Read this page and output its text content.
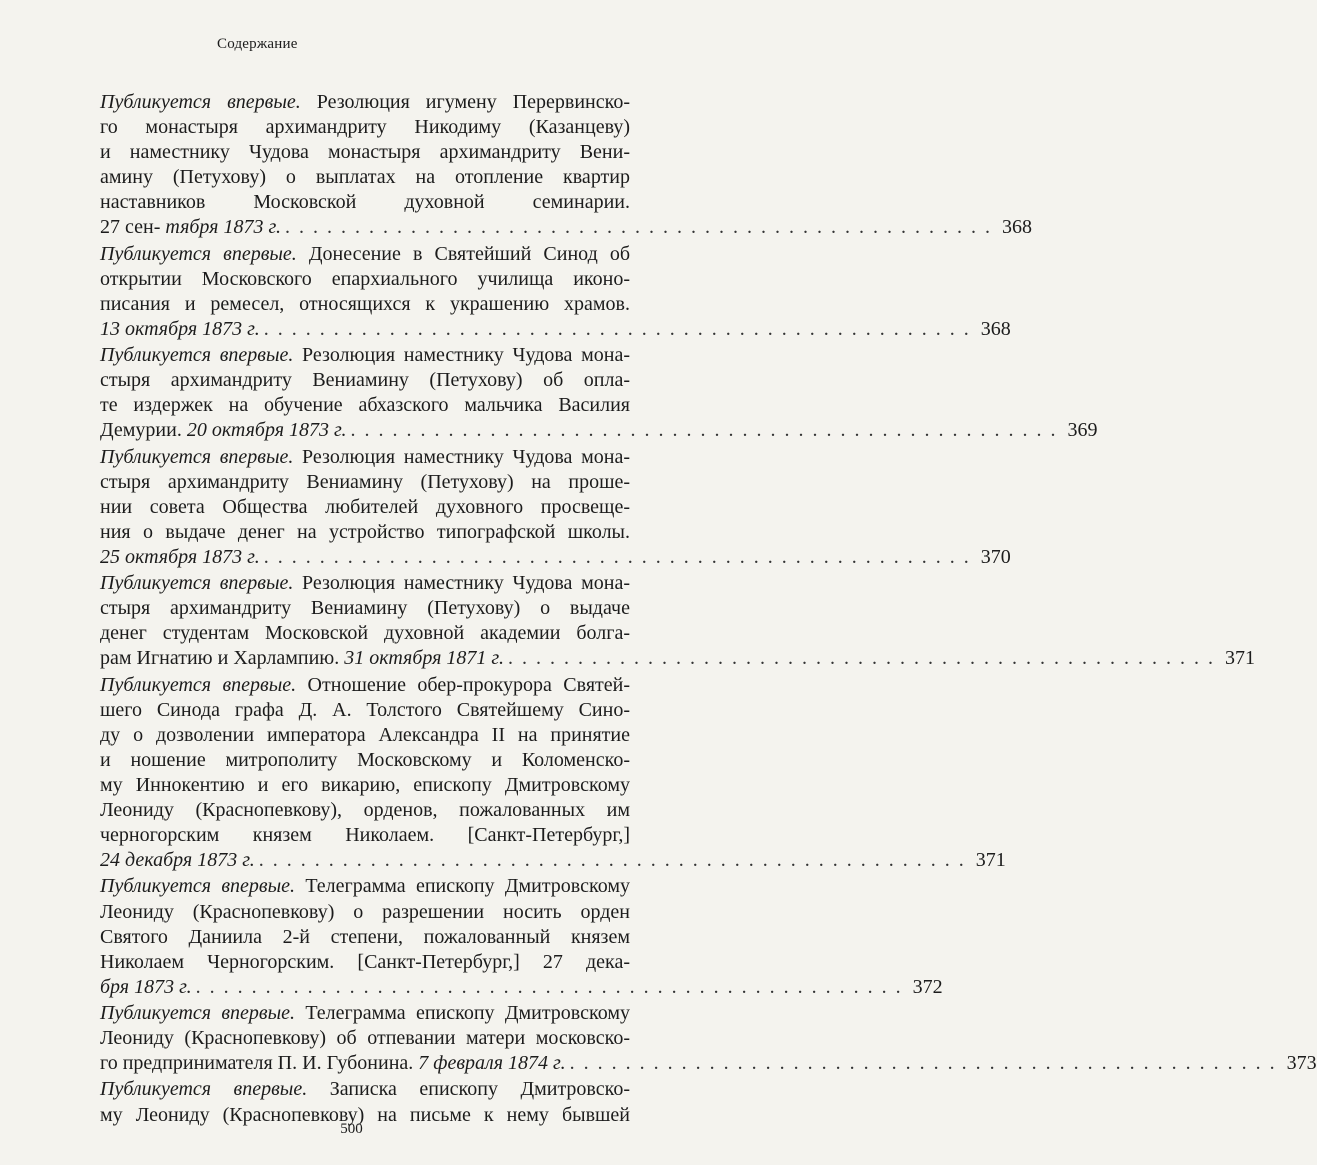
Содержание
Публикуется впервые. Резолюция игумену Перервинско-
го монастыря архимандриту Никодиму (Казанцеву)
и наместнику Чудова монастыря архимандриту Вени-
амину (Петухову) о выплатах на отопление квартир
наставников Московской духовной семинарии.
27 сен- тября 1873 г. . . . . . . . . . . . . . . . . . . . . . . . . . . . . . . . . . . . . . . . . . . . . . . . . . . . 368
Публикуется впервые. Донесение в Святейший Синод об
открытии Московского епархиального училища иконо-
писания и ремесел, относящихся к украшению храмов.
13 октября 1873 г. . . . . . . . . . . . . . . . . . . . . . . . . . . . . . . . . . . . . . . . . . . . . . . . . . . . 368
Публикуется впервые. Резолюция наместнику Чудова мона-
стыря архимандриту Вениамину (Петухову) об опла-
те издержек на обучение абхазского мальчика Василия
Демурии. 20 октября 1873 г. . . . . . . . . . . . . . . . . . . . . . . . . . . . . . . . . . . . . . . . . . . . . . . . . . . . 369
Публикуется впервые. Резолюция наместнику Чудова мона-
стыря архимандриту Вениамину (Петухову) на проше-
нии совета Общества любителей духовного просвеще-
ния о выдаче денег на устройство типографской школы.
25 октября 1873 г. . . . . . . . . . . . . . . . . . . . . . . . . . . . . . . . . . . . . . . . . . . . . . . . . . . . 370
Публикуется впервые. Резолюция наместнику Чудова мона-
стыря архимандриту Вениамину (Петухову) о выдаче
денег студентам Московской духовной академии болга-
рам Игнатию и Харлампию. 31 октября 1871 г. . . . . . . . . . . . . . . . . . . . . . . . . . . . . . . . . . . . . . . . . . . . . . . . . . . . 371
Публикуется впервые. Отношение обер-прокурора Святей-
шего Синода графа Д. А. Толстого Святейшему Сино-
ду о дозволении императора Александра II на принятие
и ношение митрополиту Московскому и Коломенско-
му Иннокентию и его викарию, епископу Дмитровскому
Леониду (Краснопевкову), орденов, пожалованных им
черногорским князем Николаем. [Санкт-Петербург,]
24 декабря 1873 г. . . . . . . . . . . . . . . . . . . . . . . . . . . . . . . . . . . . . . . . . . . . . . . . . . . . 371
Публикуется впервые. Телеграмма епископу Дмитровскому
Леониду (Краснопевкову) о разрешении носить орден
Святого Даниила 2-й степени, пожалованный князем
Николаем Черногорским. [Санкт-Петербург,] 27 дека-
бря 1873 г. . . . . . . . . . . . . . . . . . . . . . . . . . . . . . . . . . . . . . . . . . . . . . . . . . . . 372
Публикуется впервые. Телеграмма епископу Дмитровскому
Леониду (Краснопевкову) об отпевании матери московско-
го предпринимателя П. И. Губонина. 7 февраля 1874 г. . . . . . . . . . . . . . . . . . . . . . . . . . . . . . . . . . . . . . . . . . . . . . . . . . . . 373
Публикуется впервые. Записка епископу Дмитровско-
му Леониду (Краснопевкову) на письме к нему бывшей
500
